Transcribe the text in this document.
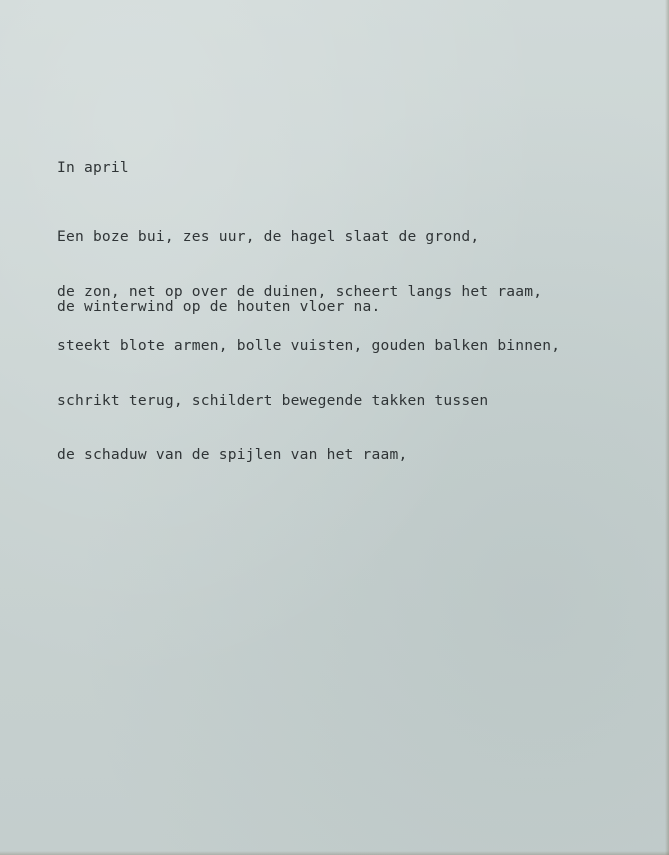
In april

Een boze bui, zes uur, de hagel slaat de grond,

de zon, net op over de duinen, scheert langs het raam,

steekt blote armen, bolle vuisten, gouden balken binnen,

schrikt terug, schildert bewegende takken tussen

de schaduw van de spijlen van het raam,

de winterwind op de houten vloer na.
